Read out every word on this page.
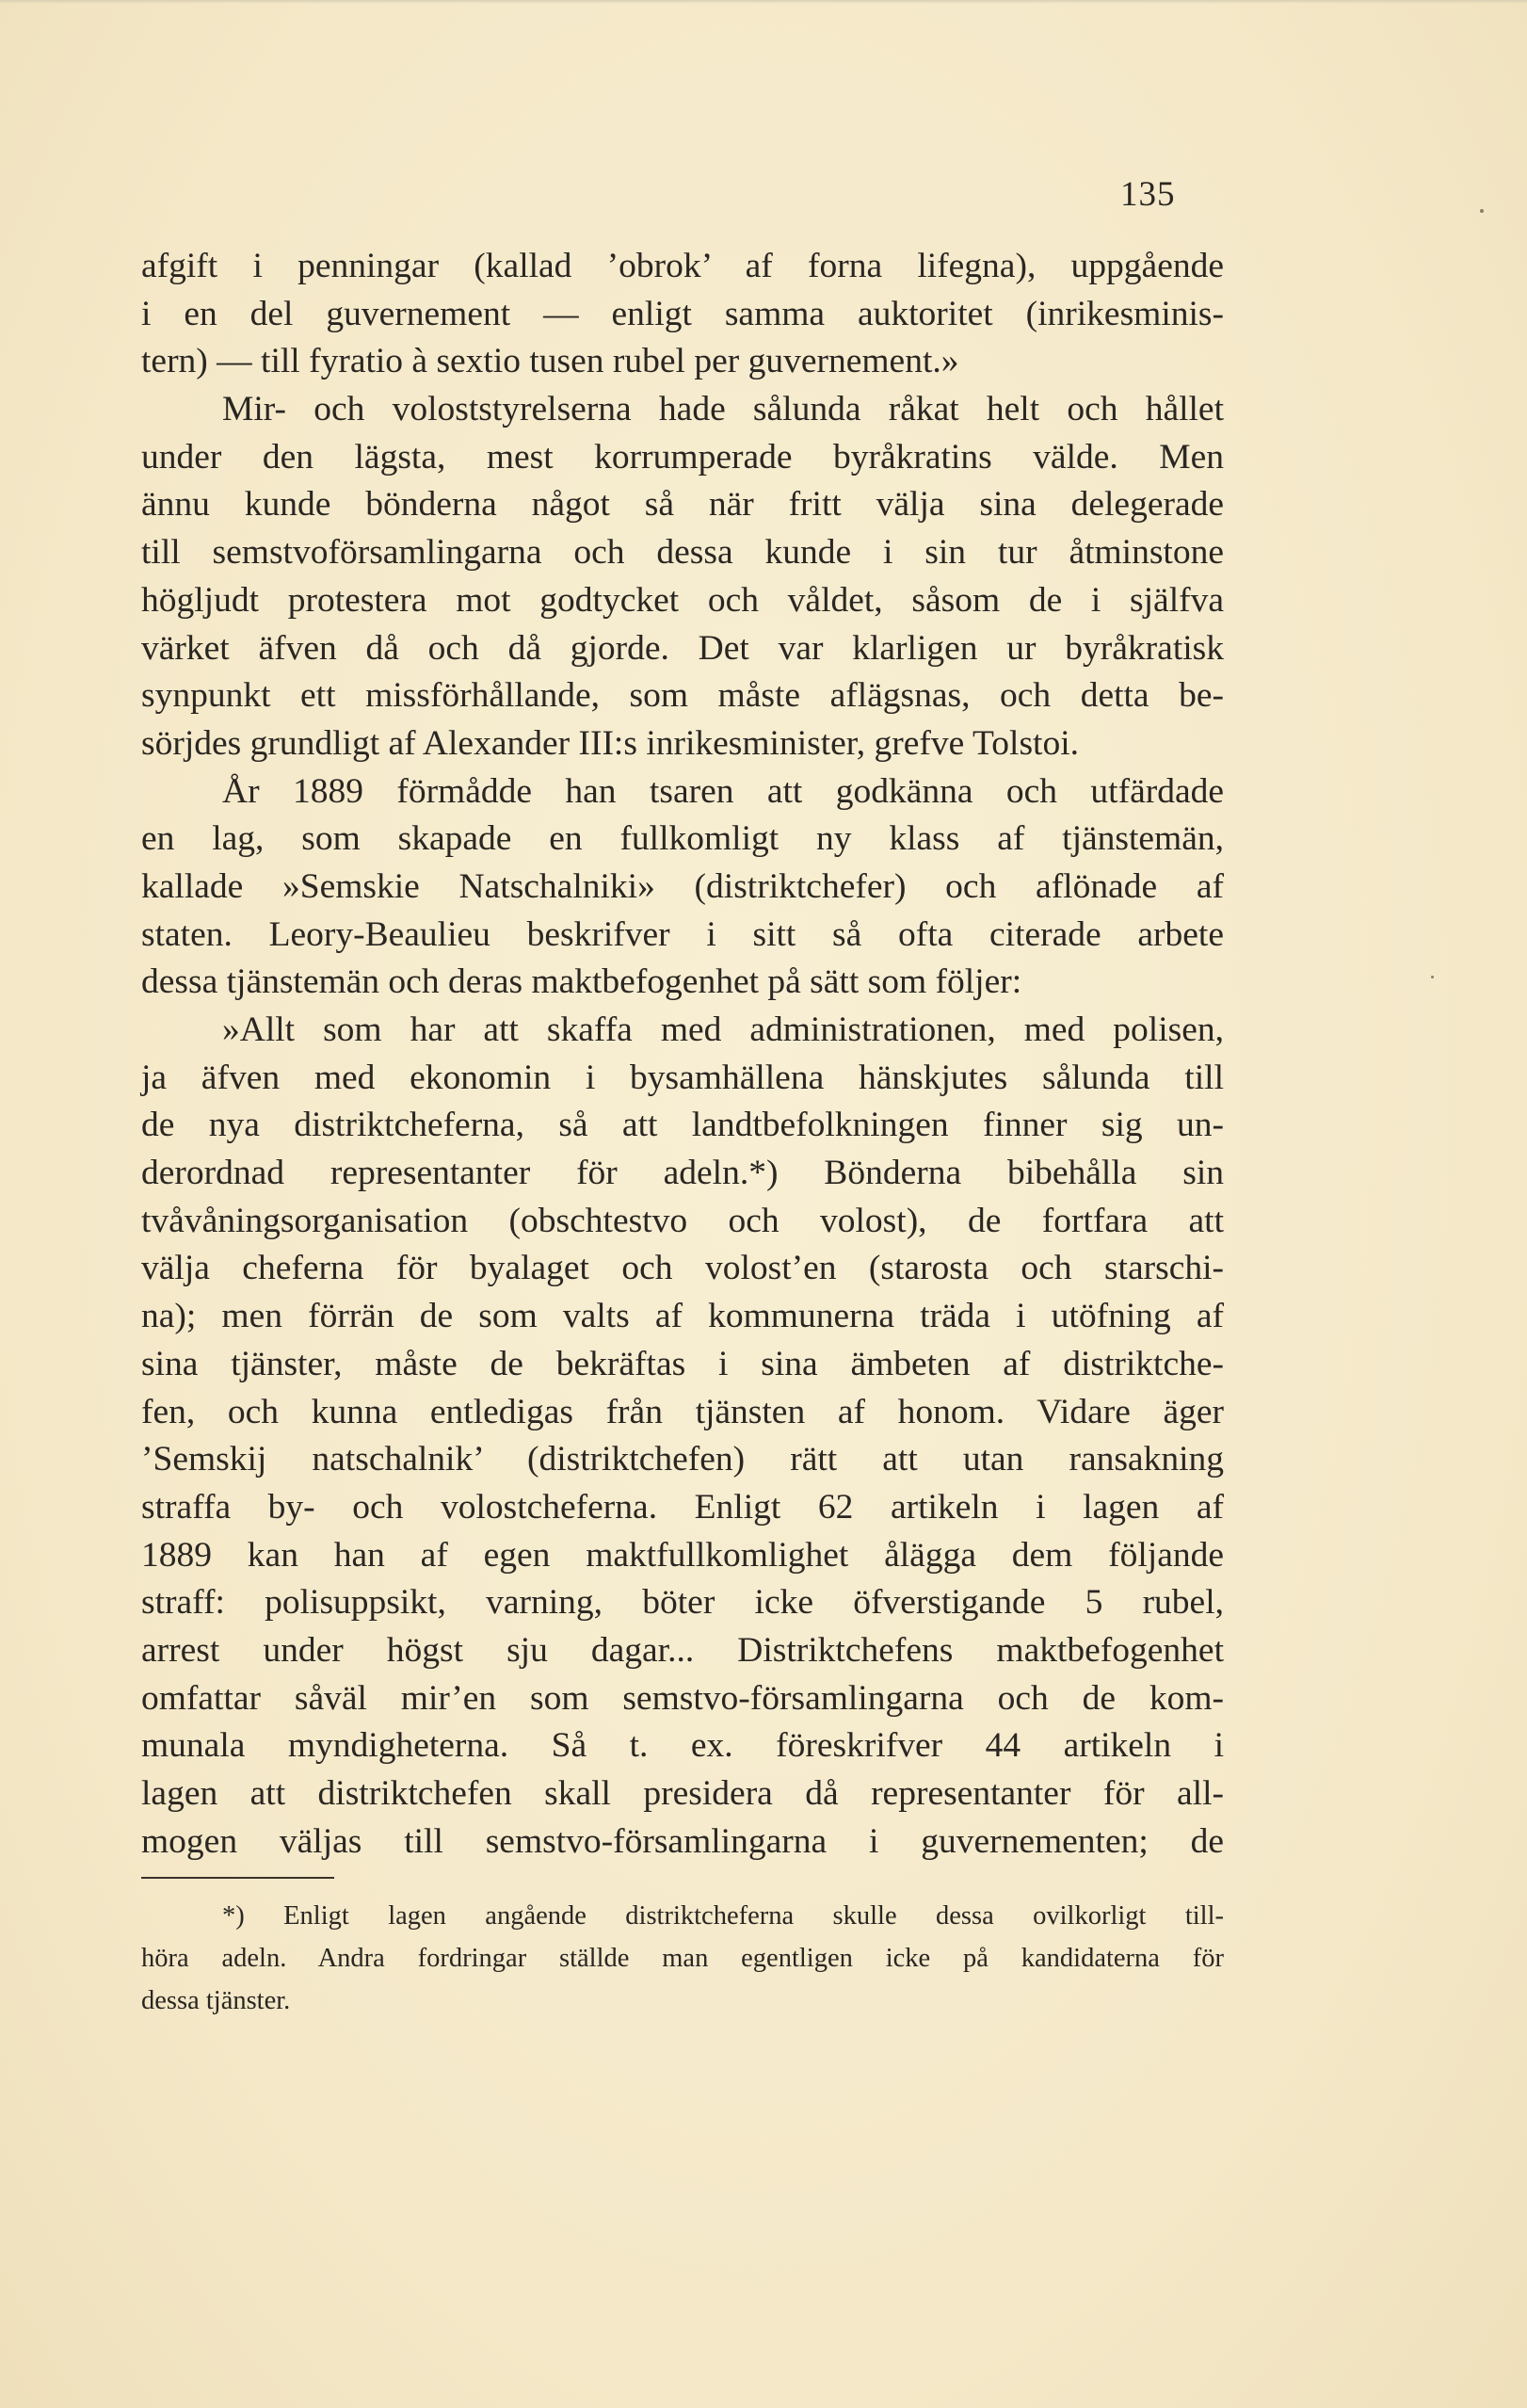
135
afgift i penningar (kallad ’obrok’ af forna lifegna), uppgående
i en del guvernement — enligt samma auktoritet (inrikesminis-
tern) — till fyratio à sextio tusen rubel per guvernement.»
Mir- och voloststyrelserna hade sålunda råkat helt och hållet
under den lägsta, mest korrumperade byråkratins välde. Men
ännu kunde bönderna något så när fritt välja sina delegerade
till semstvoförsamlingarna och dessa kunde i sin tur åtminstone
högljudt protestera mot godtycket och våldet, såsom de i själfva
värket äfven då och då gjorde. Det var klarligen ur byråkratisk
synpunkt ett missförhållande, som måste aflägsnas, och detta be-
sörjdes grundligt af Alexander III:s inrikesminister, grefve Tolstoi.
År 1889 förmådde han tsaren att godkänna och utfärdade
en lag, som skapade en fullkomligt ny klass af tjänstemän,
kallade »Semskie Natschalniki» (distriktchefer) och aflönade af
staten. Leory-Beaulieu beskrifver i sitt så ofta citerade arbete
dessa tjänstemän och deras maktbefogenhet på sätt som följer:
»Allt som har att skaffa med administrationen, med polisen,
ja äfven med ekonomin i bysamhällena hänskjutes sålunda till
de nya distriktcheferna, så att landtbefolkningen finner sig un-
derordnad representanter för adeln.*) Bönderna bibehålla sin
tvåvåningsorganisation (obschtestvo och volost), de fortfara att
välja cheferna för byalaget och volost’en (starosta och starschi-
na); men förrän de som valts af kommunerna träda i utöfning af
sina tjänster, måste de bekräftas i sina ämbeten af distriktche-
fen, och kunna entledigas från tjänsten af honom. Vidare äger
’Semskij natschalnik’ (distriktchefen) rätt att utan ransakning
straffa by- och volostcheferna. Enligt 62 artikeln i lagen af
1889 kan han af egen maktfullkomlighet ålägga dem följande
straff: polisuppsikt, varning, böter icke öfverstigande 5 rubel,
arrest under högst sju dagar... Distriktchefens maktbefogenhet
omfattar såväl mir’en som semstvo-församlingarna och de kom-
munala myndigheterna. Så t. ex. föreskrifver 44 artikeln i
lagen att distriktchefen skall presidera då representanter för all-
mogen väljas till semstvo-församlingarna i guvernementen; de
*) Enligt lagen angående distriktcheferna skulle dessa ovilkorligt till-
höra adeln. Andra fordringar ställde man egentligen icke på kandidaterna för
dessa tjänster.
